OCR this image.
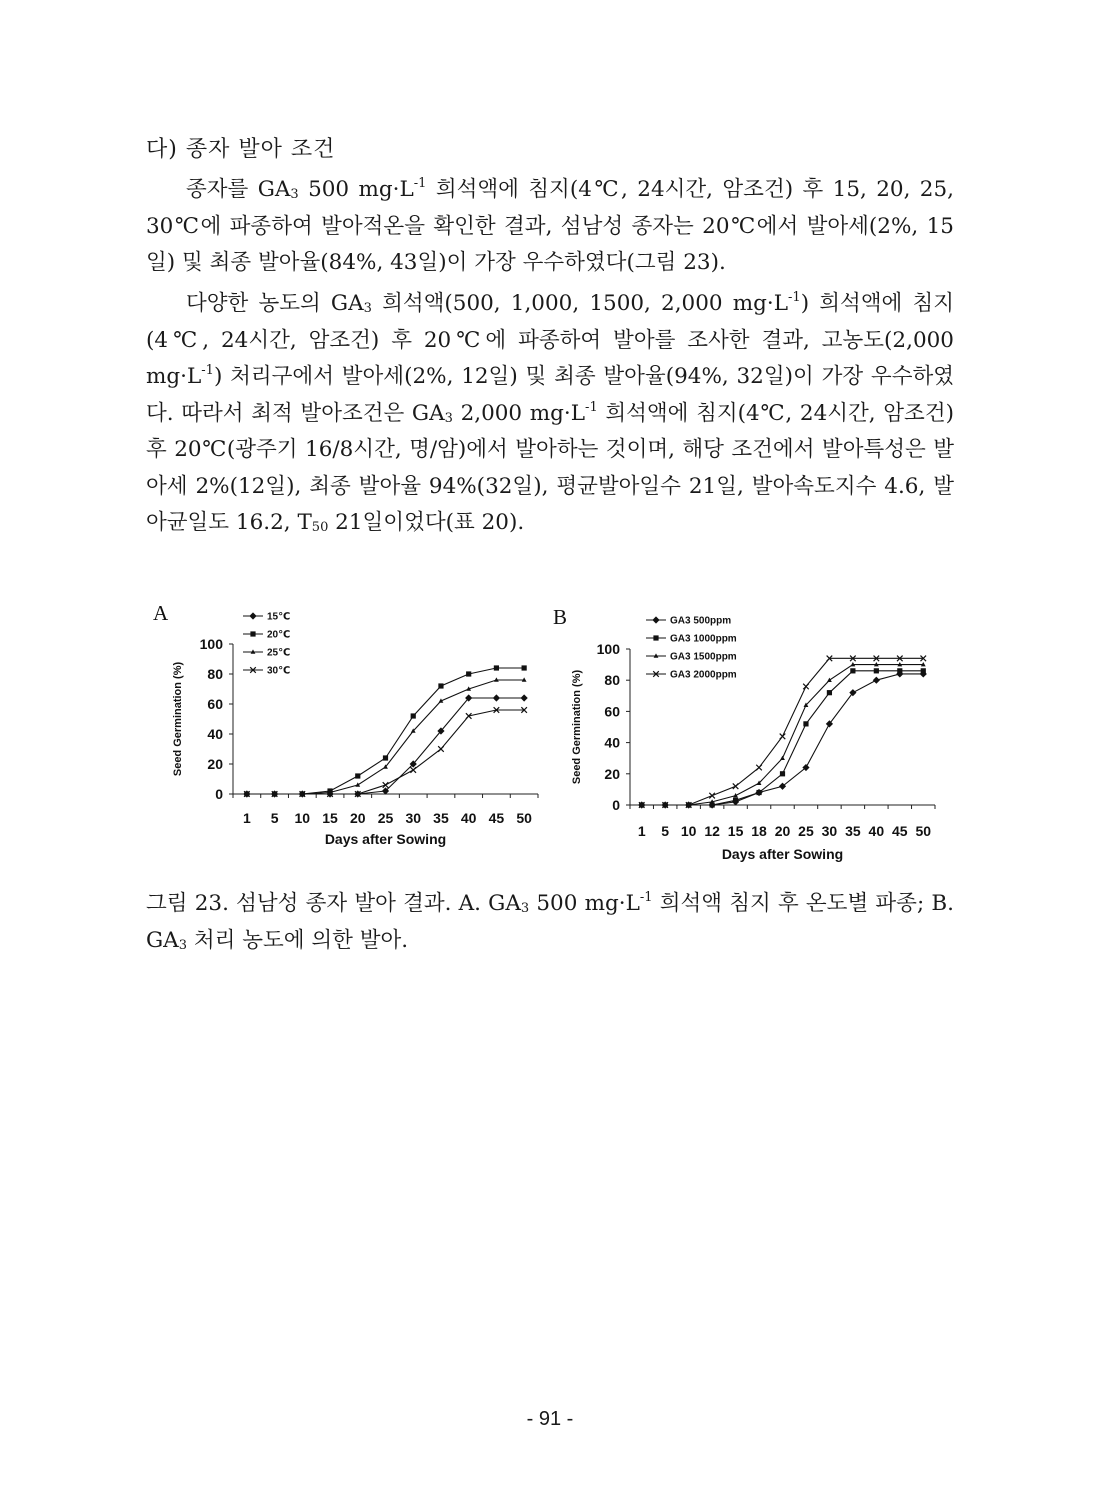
다) 종자 발아 조건

종자를 $GA_3$ 500 $mg\cdot L^{-1}$ 희석액에 침지(4℃, 24시간, 암조건) 후 15, 20, 25, 30℃에 파종하여 발아적온을 확인한 결과, 섬남성 종자는 20℃에서 발아세(2%, 15일) 및 최종 발아율(84%, 43일)이 가장 우수하였다(그림 23).

다양한 농도의 $GA_3$ 희석액(500, 1,000, 1500, 2,000 $mg\cdot L^{-1}$) 희석액에 침지(4℃, 24시간, 암조건) 후 20℃에 파종하여 발아를 조사한 결과, 고농도(2,000 $mg\cdot L^{-1}$) 처리구에서 발아세(2%, 12일) 및 최종 발아율(94%, 32일)이 가장 우수하였다. 따라서 최적 발아조건은 $GA_3$ 2,000 $mg\cdot L^{-1}$ 희석액에 침지(4℃, 24시간, 암조건) 후 20℃(광주기 16/8시간, 명/암)에서 발아하는 것이며, 해당 조건에서 발아특성은 발아세 2%(12일), 최종 발아율 94%(32일), 평균발아일수 21일, 발아속도지수 4.6, 발아균일도 16.2, $T_{50}$ 21일이었다(표 20).

A
0
20
40
60
80
100
1 5 10 15 20 25 30 35 40 45 50
Days after Sowing
Seed Germination (%)
15℃
20℃
25℃
30℃
B
0
20
40
60
80
100
1 5 10 12 15 18 20 25 30 35 40 45 50
Days after Sowing
Seed Germination (%)
GA3 500ppm
GA3 1000ppm
GA3 1500ppm
GA3 2000ppm

그림 23. 섬남성 종자 발아 결과. A. $GA_3$ 500 $mg\cdot L^{-1}$ 희석액 침지 후 온도별 파종; B. $GA_3$ 처리 농도에 의한 발아.

- 91 -
